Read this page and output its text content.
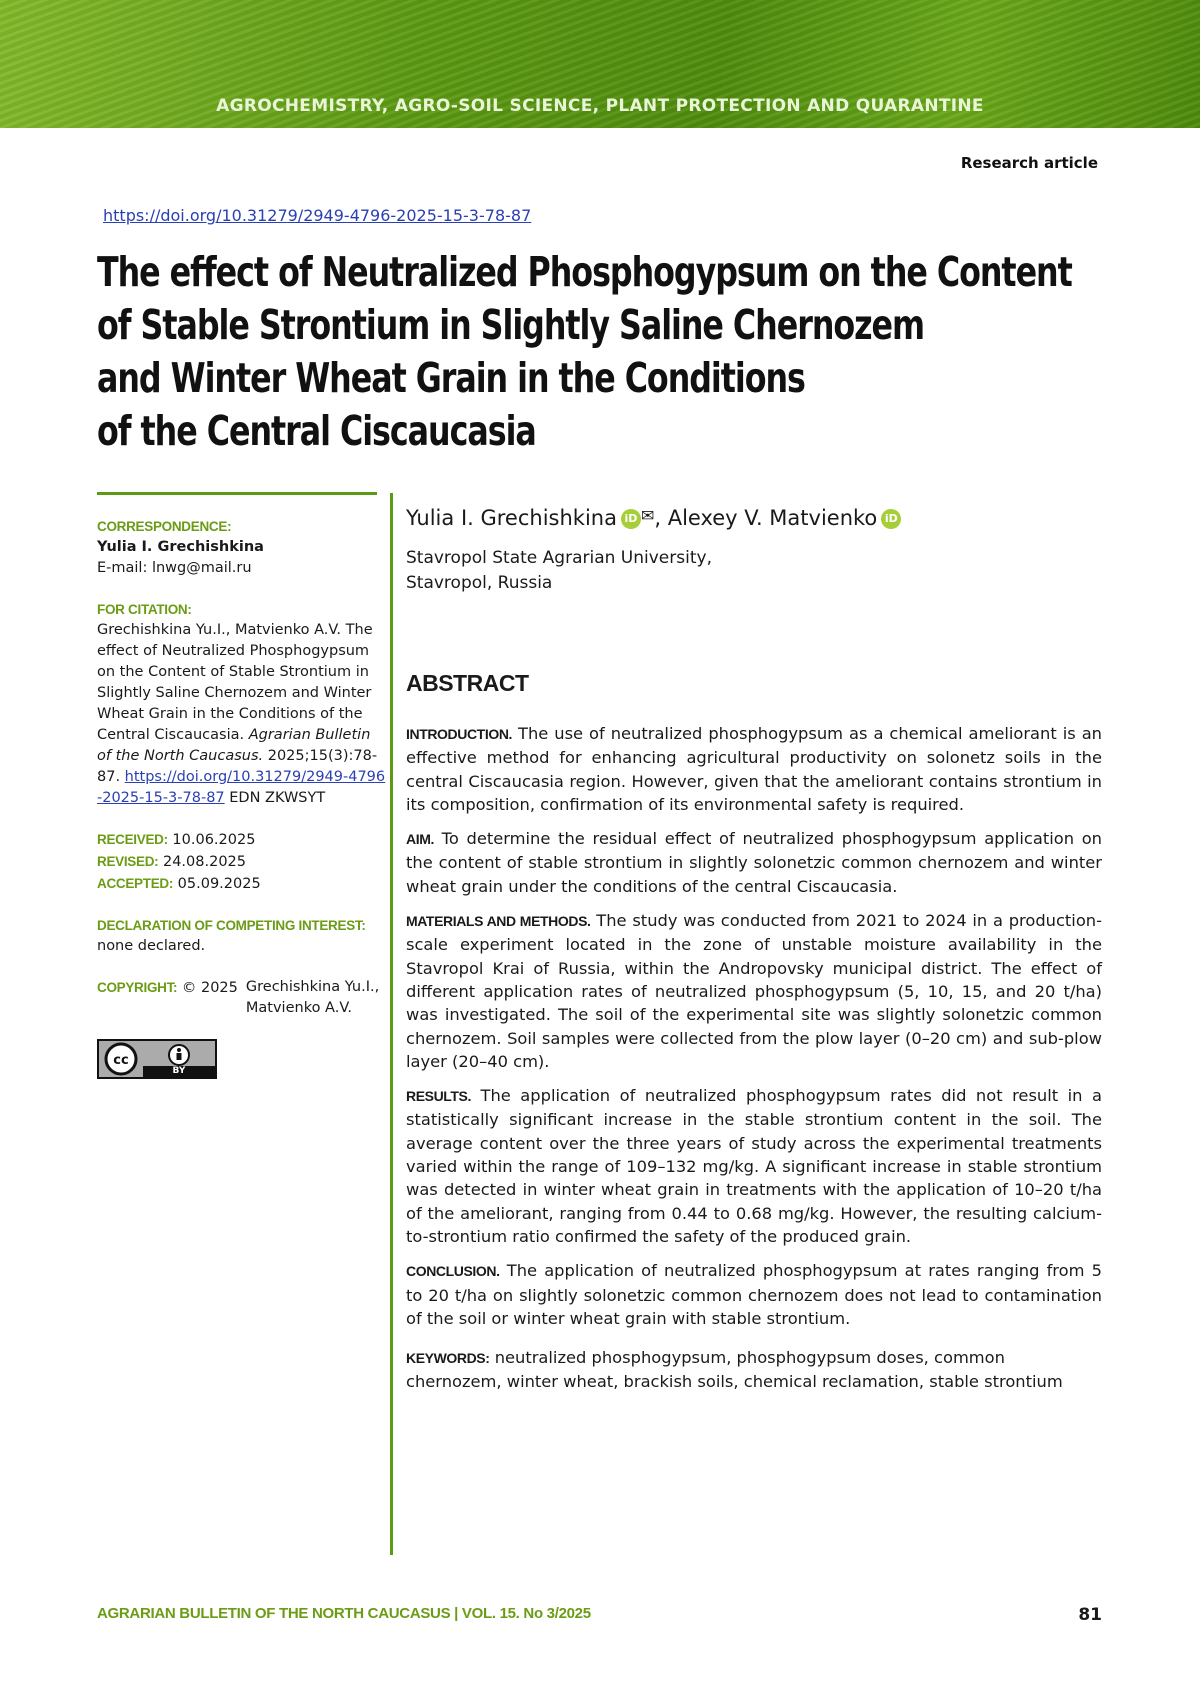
AGROCHEMISTRY, AGRO-SOIL SCIENCE, PLANT PROTECTION AND QUARANTINE
Research article
https://doi.org/10.31279/2949-4796-2025-15-3-78-87
The effect of Neutralized Phosphogypsum on the Content
of Stable Strontium in Slightly Saline Chernozem
and Winter Wheat Grain in the Conditions
of the Central Ciscaucasia
CORRESPONDENCE:
Yulia I. Grechishkina
E-mail: lnwg@mail.ru
FOR CITATION:
Grechishkina Yu.I., Matvienko A.V. The effect of Neutralized Phosphogypsum on the Content of Stable Strontium in Slightly Saline Chernozem and Winter Wheat Grain in the Conditions of the Central Ciscaucasia. Agrarian Bulletin of the North Caucasus. 2025;15(3):78-87. https://doi.org/10.31279/2949-4796-2025-15-3-78-87 EDN ZKWSYT
RECEIVED: 10.06.2025
REVISED: 24.08.2025
ACCEPTED: 05.09.2025
DECLARATION OF COMPETING INTEREST:
none declared.
COPYRIGHT: © 2025 Grechishkina Yu.I.,
Matvienko A.V.
cc
BY
Yulia I. Grechishkina iD ✉, Alexey V. Matvienko iD
Stavropol State Agrarian University,
Stavropol, Russia
ABSTRACT

INTRODUCTION. The use of neutralized phosphogypsum as a chemical ameliorant is an effective method for enhancing agricultural productivity on solonetz soils in the central Ciscaucasia region. However, given that the ameliorant contains strontium in its composition, confirmation of its environmental safety is required.

AIM. To determine the residual effect of neutralized phosphogypsum application on the content of stable strontium in slightly solonetzic common chernozem and winter wheat grain under the conditions of the central Ciscaucasia.

MATERIALS AND METHODS. The study was conducted from 2021 to 2024 in a production-scale experiment located in the zone of unstable moisture availability in the Stavropol Krai of Russia, within the Andropovsky municipal district. The effect of different application rates of neutralized phosphogypsum (5, 10, 15, and 20 t/ha) was investigated. The soil of the experimental site was slightly solonetzic common chernozem. Soil samples were collected from the plow layer (0–20 cm) and sub-plow layer (20–40 cm).

RESULTS. The application of neutralized phosphogypsum rates did not result in a statistically significant increase in the stable strontium content in the soil. The average content over the three years of study across the experimental treatments varied within the range of 109–132 mg/kg. A significant increase in stable strontium was detected in winter wheat grain in treatments with the application of 10–20 t/ha of the ameliorant, ranging from 0.44 to 0.68 mg/kg. However, the resulting calcium-to-strontium ratio confirmed the safety of the produced grain.

CONCLUSION. The application of neutralized phosphogypsum at rates ranging from 5 to 20 t/ha on slightly solonetzic common chernozem does not lead to contamination of the soil or winter wheat grain with stable strontium.

KEYWORDS: neutralized phosphogypsum, phosphogypsum doses, common chernozem, winter wheat, brackish soils, chemical reclamation, stable strontium
AGRARIAN BULLETIN OF THE NORTH CAUCASUS | VOL. 15. No 3/2025	81
